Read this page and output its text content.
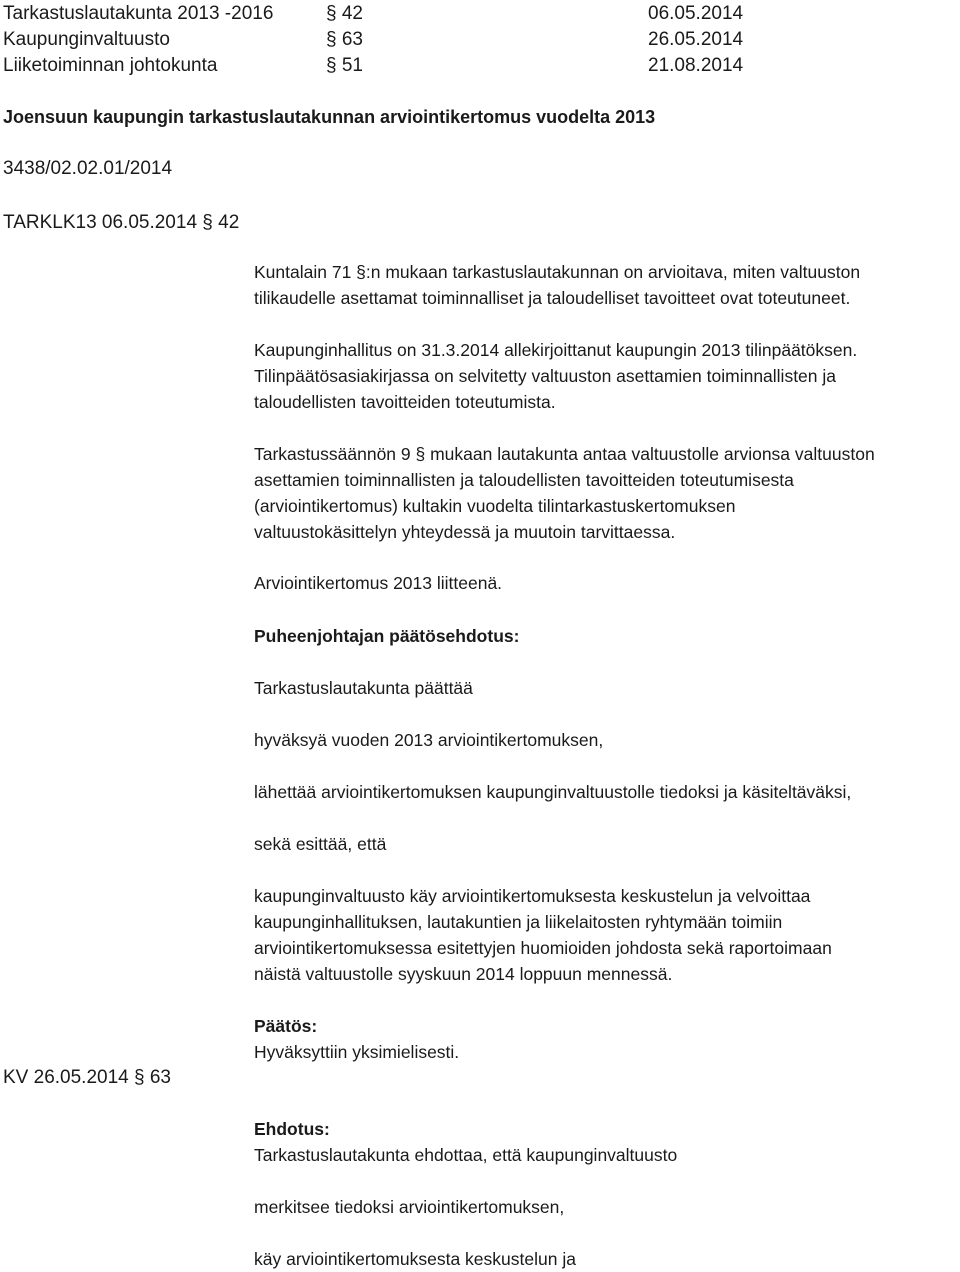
Tarkastuslautakunta 2013 -2016	§ 42	06.05.2014
Kaupunginvaltuusto	§ 63	26.05.2014
Liiketoiminnan johtokunta	§ 51	21.08.2014
Joensuun kaupungin tarkastuslautakunnan arviointikertomus vuodelta 2013
3438/02.02.01/2014
TARKLK13 06.05.2014 § 42
Kuntalain 71 §:n mukaan tarkastuslautakunnan on arvioitava, miten valtuuston
tilikaudelle asettamat toiminnalliset ja taloudelliset tavoitteet ovat toteutuneet.
Kaupunginhallitus on 31.3.2014 allekirjoittanut kaupungin 2013 tilinpäätöksen.
Tilinpäätösasiakirjassa on selvitetty valtuuston asettamien toiminnallisten ja
taloudellisten tavoitteiden toteutumista.
Tarkastussäännön 9 § mukaan lautakunta antaa valtuustolle arvionsa valtuuston
asettamien toiminnallisten ja taloudellisten tavoitteiden toteutumisesta
(arviointikertomus) kultakin vuodelta tilintarkastuskertomuksen
valtuustokäsittelyn yhteydessä ja muutoin tarvittaessa.
Arviointikertomus 2013 liitteenä.
Puheenjohtajan päätösehdotus:
Tarkastuslautakunta päättää
hyväksyä vuoden 2013 arviointikertomuksen,
lähettää arviointikertomuksen kaupunginvaltuustolle tiedoksi ja käsiteltäväksi,
sekä esittää, että
kaupunginvaltuusto käy arviointikertomuksesta keskustelun ja velvoittaa
kaupunginhallituksen, lautakuntien ja liikelaitosten ryhtymään toimiin
arviointikertomuksessa esitettyjen huomioiden johdosta sekä raportoimaan
näistä valtuustolle syyskuun 2014 loppuun mennessä.
Päätös:
Hyväksyttiin yksimielisesti.
KV 26.05.2014 § 63
Ehdotus:
Tarkastuslautakunta ehdottaa, että kaupunginvaltuusto
merkitsee tiedoksi arviointikertomuksen,
käy arviointikertomuksesta keskustelun ja
